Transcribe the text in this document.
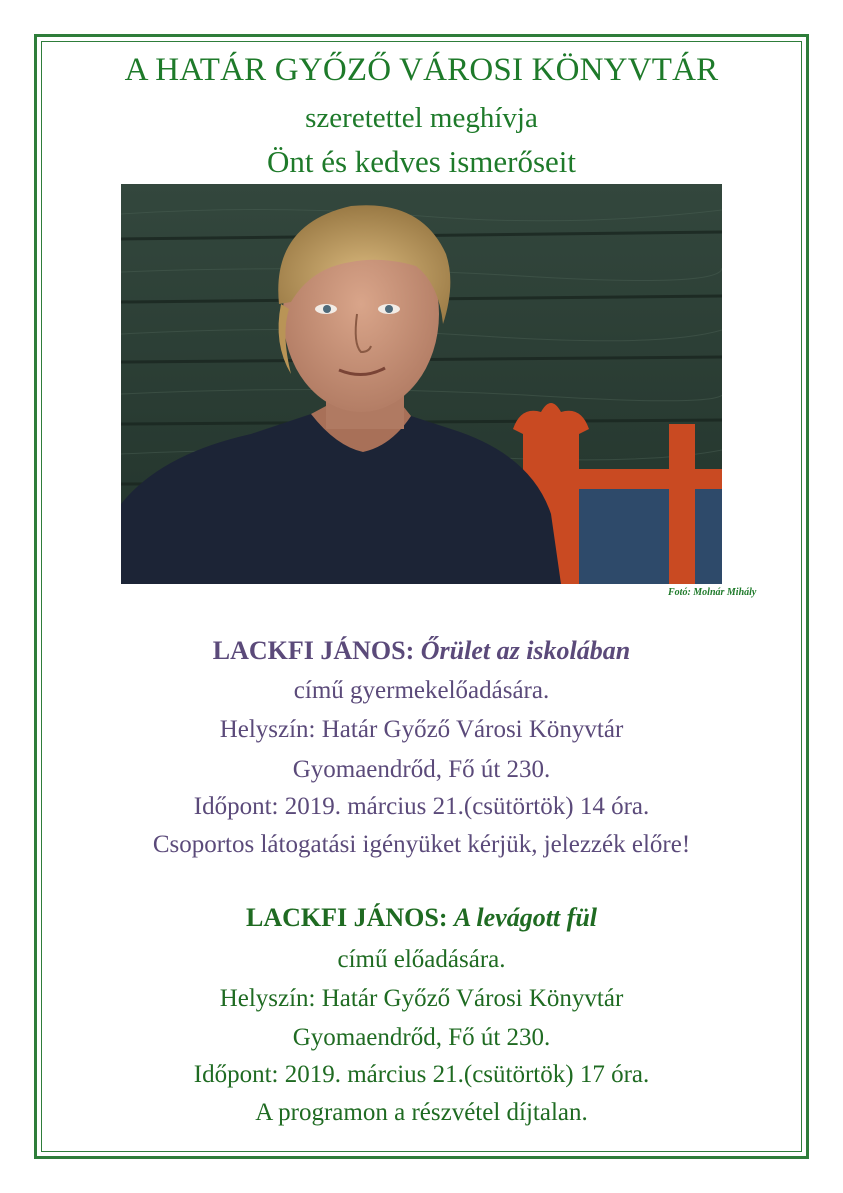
A HATÁR GYŐZŐ VÁROSI KÖNYVTÁR
szeretettel meghívja
Önt és kedves ismerőseit
Fotó: Molnár Mihály
LACKFI JÁNOS: Őrület az iskolában
című gyermekelőadására.
Helyszín: Határ Győző Városi Könyvtár
Gyomaendrőd, Fő út 230.
Időpont: 2019. március 21.(csütörtök) 14 óra.
Csoportos látogatási igényüket kérjük, jelezzék előre!
LACKFI JÁNOS: A levágott fül
című előadására.
Helyszín: Határ Győző Városi Könyvtár
Gyomaendrőd, Fő út 230.
Időpont: 2019. március 21.(csütörtök) 17 óra.
A programon a részvétel díjtalan.
